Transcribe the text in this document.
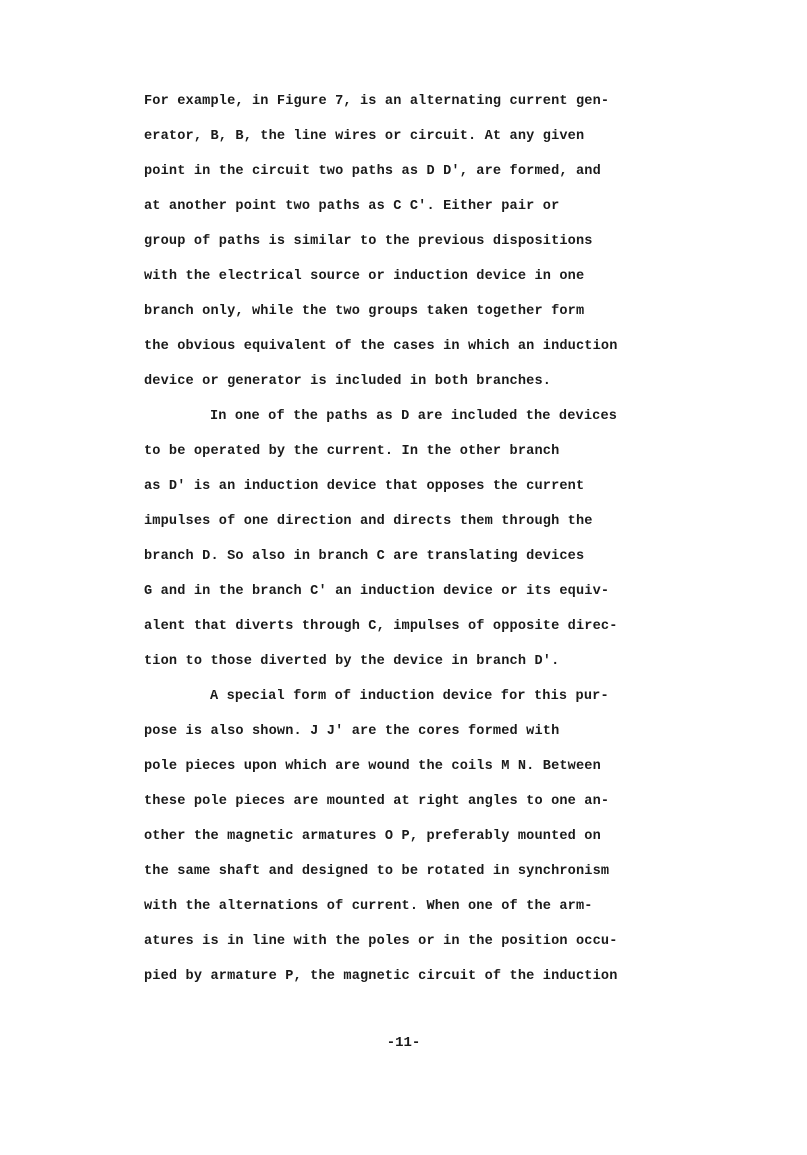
For example, in Figure 7, is an alternating current gen-
erator, B, B, the line wires or circuit. At any given
point in the circuit two paths as D D', are formed, and
at another point two paths as C C'. Either pair or
group of paths is similar to the previous dispositions
with the electrical source or induction device in one
branch only, while the two groups taken together form
the obvious equivalent of the cases in which an induction
device or generator is included in both branches.
In one of the paths as D are included the devices
to be operated by the current. In the other branch
as D' is an induction device that opposes the current
impulses of one direction and directs them through the
branch D. So also in branch C are translating devices
G and in the branch C' an induction device or its equiv-
alent that diverts through C, impulses of opposite direc-
tion to those diverted by the device in branch D'.
A special form of induction device for this pur-
pose is also shown. J J' are the cores formed with
pole pieces upon which are wound the coils M N. Between
these pole pieces are mounted at right angles to one an-
other the magnetic armatures O P, preferably mounted on
the same shaft and designed to be rotated in synchronism
with the alternations of current. When one of the arm-
atures is in line with the poles or in the position occu-
pied by armature P, the magnetic circuit of the induction
-11-
